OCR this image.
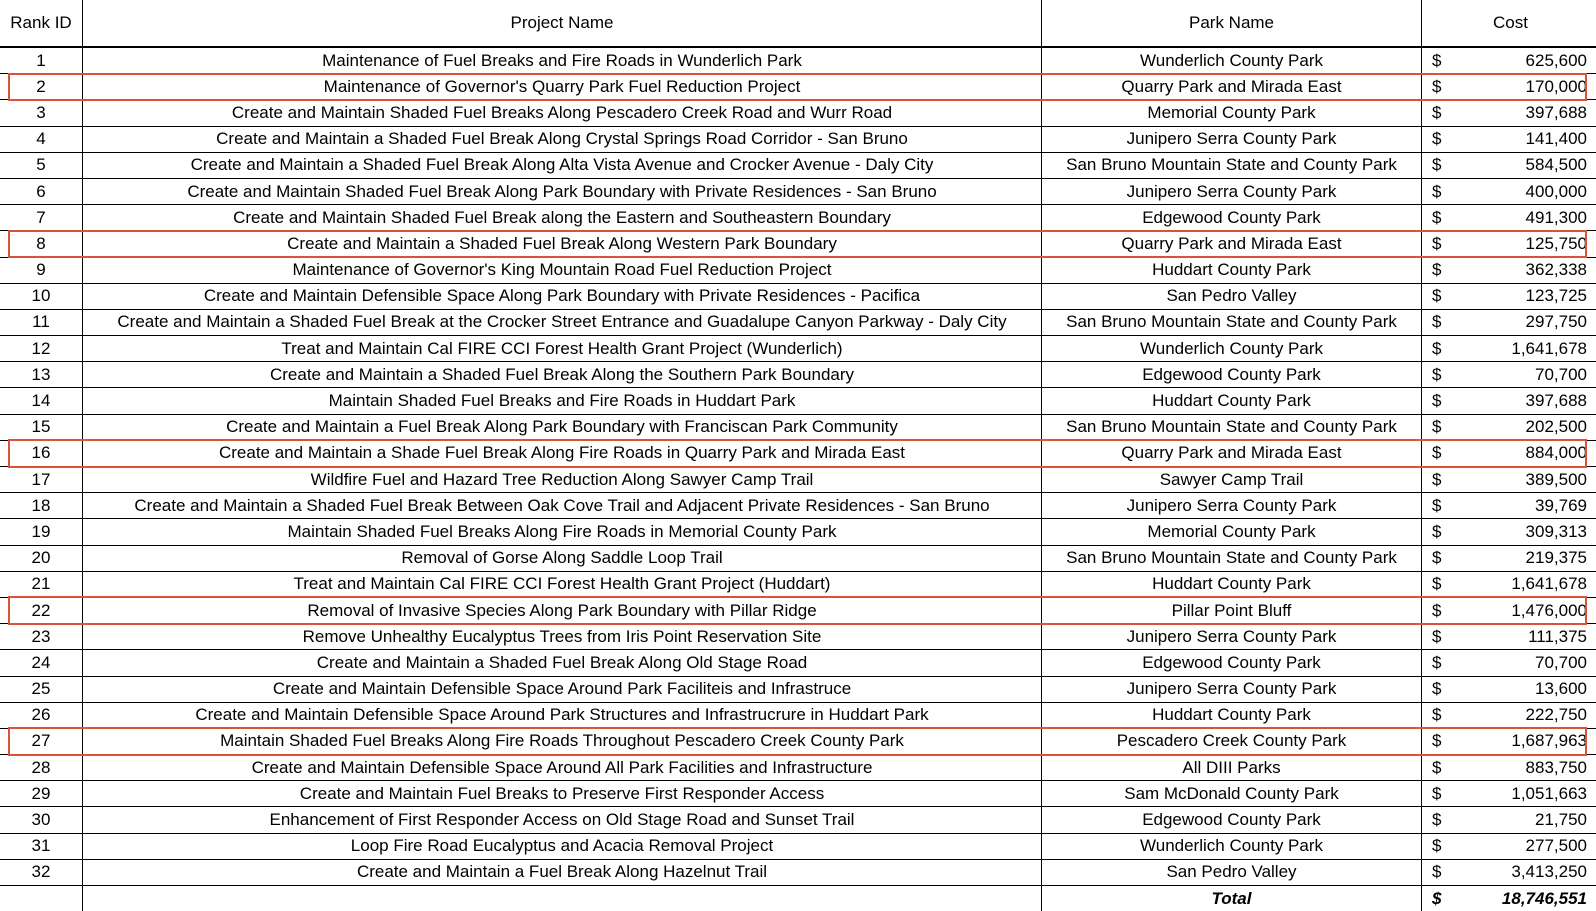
Rank ID	Project Name	Park Name	Cost
1	Maintenance of Fuel Breaks and Fire Roads in Wunderlich Park	Wunderlich County Park	$ 625,600

2	Maintenance of Governor's Quarry Park Fuel Reduction Project	Quarry Park and Mirada East	$ 170,000

3	Create and Maintain Shaded Fuel Breaks Along Pescadero Creek Road and Wurr Road	Memorial County Park	$ 397,688

4	Create and Maintain a Shaded Fuel Break Along Crystal Springs Road Corridor - San Bruno	Junipero Serra County Park	$ 141,400

5	Create and Maintain a Shaded Fuel Break Along Alta Vista Avenue and Crocker Avenue - Daly City	San Bruno Mountain State and County Park	$ 584,500

6	Create and Maintain Shaded Fuel Break Along Park Boundary with Private Residences - San Bruno	Junipero Serra County Park	$ 400,000

7	Create and Maintain Shaded Fuel Break along the Eastern and Southeastern Boundary	Edgewood County Park	$ 491,300

8	Create and Maintain a Shaded Fuel Break Along Western Park Boundary	Quarry Park and Mirada East	$ 125,750

9	Maintenance of Governor's King Mountain Road Fuel Reduction Project	Huddart County Park	$ 362,338

10	Create and Maintain Defensible Space Along Park Boundary with Private Residences - Pacifica	San Pedro Valley	$ 123,725

11	Create and Maintain a Shaded Fuel Break at the Crocker Street Entrance and Guadalupe Canyon Parkway - Daly City	San Bruno Mountain State and County Park	$ 297,750

12	Treat and Maintain Cal FIRE CCI Forest Health Grant Project (Wunderlich)	Wunderlich County Park	$ 1,641,678

13	Create and Maintain a Shaded Fuel Break Along the Southern Park Boundary	Edgewood County Park	$ 70,700

14	Maintain Shaded Fuel Breaks and Fire Roads in Huddart Park	Huddart County Park	$ 397,688

15	Create and Maintain a Fuel Break Along Park Boundary with Franciscan Park Community	San Bruno Mountain State and County Park	$ 202,500

16	Create and Maintain a Shade Fuel Break Along Fire Roads in Quarry Park and Mirada East	Quarry Park and Mirada East	$ 884,000

17	Wildfire Fuel and Hazard Tree Reduction Along Sawyer Camp Trail	Sawyer Camp Trail	$ 389,500

18	Create and Maintain a Shaded Fuel Break Between Oak Cove Trail and Adjacent Private Residences - San Bruno	Junipero Serra County Park	$ 39,769

19	Maintain Shaded Fuel Breaks Along Fire Roads in Memorial County Park	Memorial County Park	$ 309,313

20	Removal of Gorse Along Saddle Loop Trail	San Bruno Mountain State and County Park	$ 219,375

21	Treat and Maintain Cal FIRE CCI Forest Health Grant Project (Huddart)	Huddart County Park	$ 1,641,678

22	Removal of Invasive Species Along Park Boundary with Pillar Ridge	Pillar Point Bluff	$ 1,476,000

23	Remove Unhealthy Eucalyptus Trees from Iris Point Reservation Site	Junipero Serra County Park	$ 111,375

24	Create and Maintain a Shaded Fuel Break Along Old Stage Road	Edgewood County Park	$ 70,700

25	Create and Maintain Defensible Space Around Park Faciliteis and Infrastruce	Junipero Serra County Park	$ 13,600

26	Create and Maintain Defensible Space Around Park Structures and Infrastrucrure in Huddart Park	Huddart County Park	$ 222,750

27	Maintain Shaded Fuel Breaks Along Fire Roads Throughout Pescadero Creek County Park	Pescadero Creek County Park	$ 1,687,963

28	Create and Maintain Defensible Space Around All Park Facilities and Infrastructure	All DIII Parks	$ 883,750

29	Create and Maintain Fuel Breaks to Preserve First Responder Access	Sam McDonald County Park	$ 1,051,663

30	Enhancement of First Responder Access on Old Stage Road and Sunset Trail	Edgewood County Park	$ 21,750

31	Loop Fire Road Eucalyptus and Acacia Removal Project	Wunderlich County Park	$ 277,500

32	Create and Maintain a Fuel Break Along Hazelnut Trail	San Pedro Valley	$ 3,413,250

		Total	$ 18,746,551
